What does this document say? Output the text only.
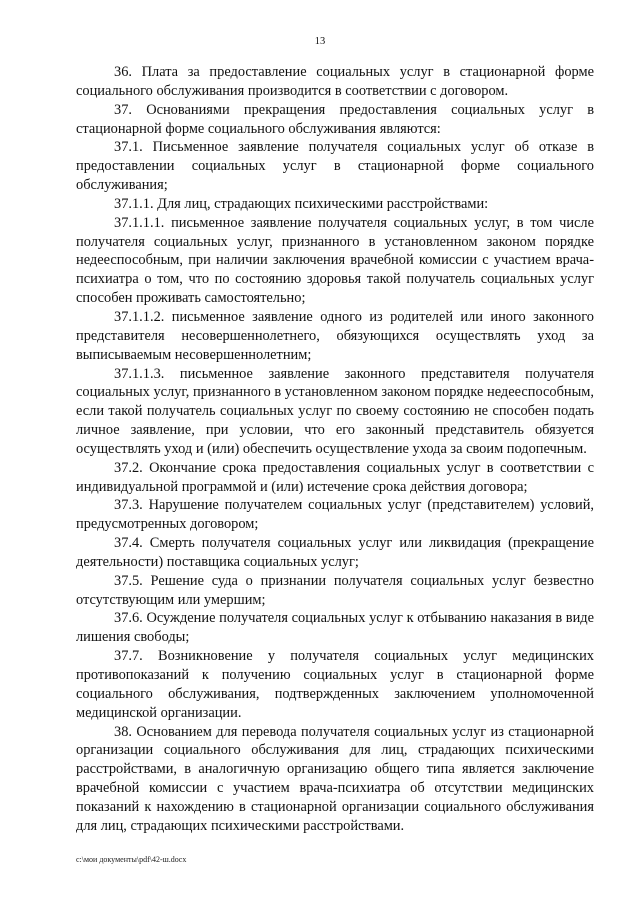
13

36. Плата за предоставление социальных услуг в стационарной форме социального обслуживания производится в соответствии с договором.

37. Основаниями прекращения предоставления социальных услуг в стационарной форме социального обслуживания являются:

37.1. Письменное заявление получателя социальных услуг об отказе в предоставлении социальных услуг в стационарной форме социального обслуживания;

37.1.1. Для лиц, страдающих психическими расстройствами:

37.1.1.1. письменное заявление получателя социальных услуг, в том числе получателя социальных услуг, признанного в установленном законом порядке недееспособным, при наличии заключения врачебной комиссии с участием врача-психиатра о том, что по состоянию здоровья такой получатель социальных услуг способен проживать самостоятельно;

37.1.1.2. письменное заявление одного из родителей или иного законного представителя несовершеннолетнего, обязующихся осуществлять уход за выписываемым несовершеннолетним;

37.1.1.3. письменное заявление законного представителя получателя социальных услуг, признанного в установленном законом порядке недееспособным, если такой получатель социальных услуг по своему состоянию не способен подать личное заявление, при условии, что его законный представитель обязуется осуществлять уход и (или) обеспечить осуществление ухода за своим подопечным.

37.2. Окончание срока предоставления социальных услуг в соответствии с индивидуальной программой и (или) истечение срока действия договора;

37.3. Нарушение получателем социальных услуг (представителем) условий, предусмотренных договором;

37.4. Смерть получателя социальных услуг или ликвидация (прекращение деятельности) поставщика социальных услуг;

37.5. Решение суда о признании получателя социальных услуг безвестно отсутствующим или умершим;

37.6. Осуждение получателя социальных услуг к отбыванию наказания в виде лишения свободы;

37.7. Возникновение у получателя социальных услуг медицинских противопоказаний к получению социальных услуг в стационарной форме социального обслуживания, подтвержденных заключением уполномоченной медицинской организации.

38. Основанием для перевода получателя социальных услуг из стационарной организации социального обслуживания для лиц, страдающих психическими расстройствами, в аналогичную организацию общего типа является заключение врачебной комиссии с участием врача-психиатра об отсутствии медицинских показаний к нахождению в стационарной организации социального обслуживания для лиц, страдающих психическими расстройствами.

c:\мои документы\pdf\42-ш.docx
